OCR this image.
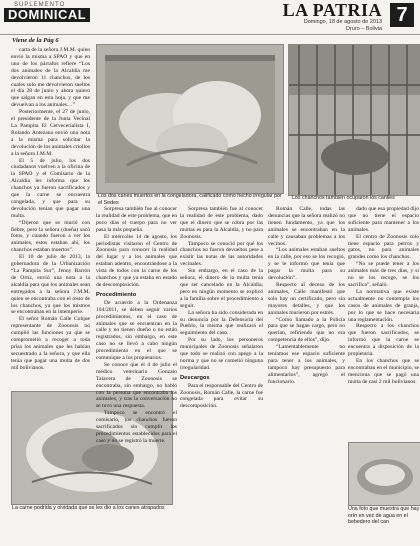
SUPLEMENTO
DOMINICAL	LA PATRIA
Domingo, 18 de agosto de 2013
Oruro – Bolivia
7
Viene de la Pág 6
Los dos canes muertos en la congeladora, calificado como hecho irregular por el Sedes
Los chanchos también ocuparon los caniles
La carne podrida y olvidada que se les dio a los canes atrapados	Una foto que muestra que hay orín en vez de agua en el bebedero del can

carta de la señora J.M.M. quien envió la misma a SPAO y que en uno de los párrafos refiere “Los dos animales de la Alcaldía me devolvieron 11 chanchos, de los cuales solo me devolvieron sueltos el día 28 de junio y ahora quiero que salgan en esta hoja, y que me devuelvan a los animales…”

Posteriormente, el 27 de junio, el presidente de la Junta Vecinal La Pampita El Cervecerialista I, Rolando Antezana envió una nota a la misma para solicitar la devolución de los animales criollos a la señora J.M.M.

El 5 de julio, los dos ciudadanos vuelven a la oficina de la SPAO y el Comisario de la Alcaldía les informa que los chanchos ya fueron sacrificados y que la carne se encuentra congelada, y que para su devolución tenían que pagar una multa.

“Dijeron que se murió con fiebre, pero la señora (dueña) sacó fotos, y cuando fueron a ver los animales, estos estaban ahí, los chanchos estaban muertos”.

El 10 de julio de 2013, la gobernadora de la Urbanización “La Pampita Sur”, Jenny Barrón de Ortiz, envió una nota a la alcaldía para que los animales sean entregados a la señora J.M.M. quien se encontraba con el resto de los chanchos, ya que los mismos se encontraban en la intemperie.

El señor Román Calle Colque representante de Zoonosis no cumplió las funciones ya que se comprometió a recoger a toda prisa los animales que les habían secuestrado a la señora, y que ella tenía que pagar una multa de dos mil bolivianos.

Sorpresa también fue al conocer la realidad de este problema, que en poco días el cuerpo para no ver pasa la más pequeña.

El miércoles 14 de agosto, los periodistas visitaron el Centro de Zoonosis para conocer la realidad del lugar y a los animales que estaban adentro, encontrándose a la vista de todos con la carne de los chanchos y que ya estaba en estado de descomposición.

Procedimiento

De acuerdo a la Ordenanza 104/2011, se deben seguir varios procedimientos, en el caso de animales que se encuentran en la calle y no tienen dueño o no están registrados, sin embargo, en este caso no se llevó a cabo ningún procedimiento en el que se comunique a los propietarios.

Se conoce que el 4 de julio el médico veterinario Gonzalo Talavera de Zoonosis se encontraba, sin embargo, no habló con la persona que encontraba los animales, y tras la conversación no se tuvo una respuesta.

Tampoco se encontró el comisario, los chanchos fueron sacrificados sin cumplir los procedimientos establecidos para el caso y no se registró la muerte.

Sorpresa también fue al conocer la realidad de este problema, dado que el dinero que se cobra por las multas es para la Alcaldía, y no para Zoonosis.

Tampoco se conoció por qué los chanchos no fueron devueltos pese a existir las notas de las autoridades vecinales.

Sin embargo, en el caso de la señora, el dinero de la multa tenía que ser cancelado en la Alcaldía, pero en ningún momento se explicó a la familia sobre el procedimiento a seguir.

La señora ha sido considerada en su denuncia por la Defensoría del Pueblo, la misma que realizará el seguimiento del caso.

Por su lado, los personeros municipales de Zoonosis señalaron que todo se realizó con apego a la norma y que no se cometió ninguna irregularidad.

Descargos

Para el responsable del Centro de Zoonosis, Román Calle, la carne fue congelada para evitar su descomposición.

Román Calle, todas las denuncias que la señora realizó no tienen fundamento, ya que los animales se encontraban en la calle y causaban problemas a los vecinos.

“Los animales estaban sueltos en la calle, por eso se los recogió, y se le informó que tenía que pagar la multa para su devolución”.

Respecto al deceso de los animales, Calle manifestó que solo hay un certificado, pero sin mayores detalles, y que los animales murieron por estrés.

“Como llamado a la Policía para que se hagan cargo, pero no querían, refiriendo que no era competencia de ellos”, dijo.

“Lamentablemente no teníamos ese espacio suficiente para tener a los animales, y tampoco hay presupuesto para alimentarlos”, agregó el funcionario.

dado que esa propiedad dijo que no tiene el espacio suficiente para mantener a los animales.

El centro de Zoonosis solo tiene espacio para perros y gatos, no para animales grandes como los chanchos.

“No se puede tener a los animales más de tres días, y si no se los recoge, se los sacrifica”, señaló.

La normativa que existe actualmente no contempla los casos de animales de granja, por lo que se hace necesaria una reglamentación.

Respecto a los chanchos que fueron sacrificados, se informó que la carne se encuentra a disposición de la propietaria.

En los chanchos que se encontraban en el municipio, se menciona que se pagó una multa de casi 2 mil bolivianos.
